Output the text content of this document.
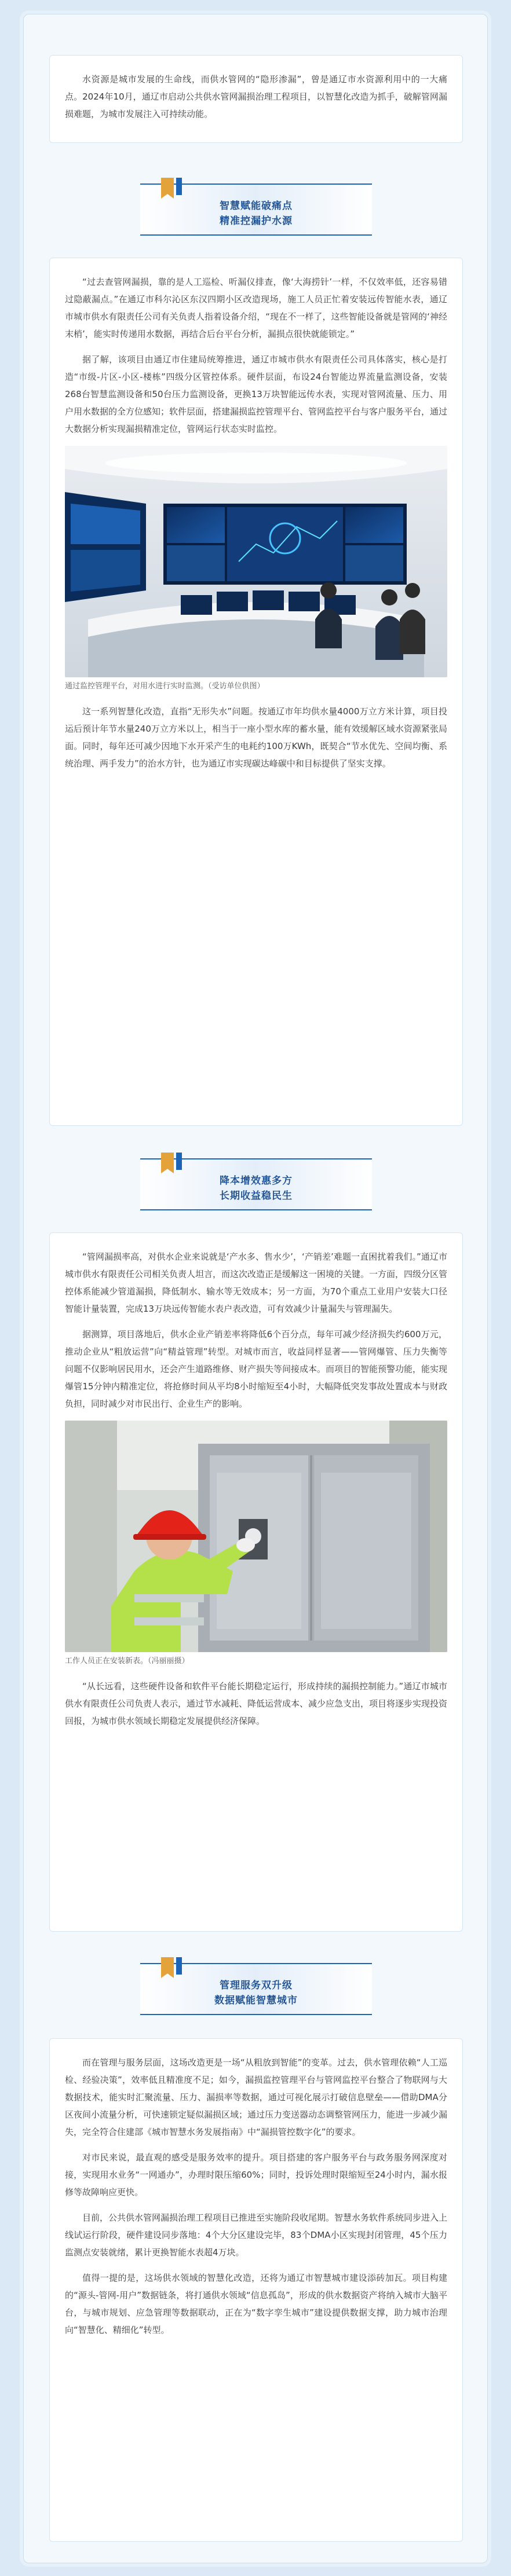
水资源是城市发展的生命线，而供水管网的“隐形渗漏”，曾是通辽市水资源利用中的一大痛点。2024年10月，通辽市启动公共供水管网漏损治理工程项目，以智慧化改造为抓手，破解管网漏损难题，为城市发展注入可持续动能。

智慧赋能破痛点
精准控漏护水源

“过去查管网漏损，靠的是人工巡检、听漏仪排查，像‘大海捞针’一样，不仅效率低，还容易错过隐蔽漏点。”在通辽市科尔沁区东汉四期小区改造现场，施工人员正忙着安装远传智能水表，通辽市城市供水有限责任公司有关负责人指着设备介绍，“现在不一样了，这些智能设备就是管网的‘神经末梢’，能实时传递用水数据，再结合后台平台分析，漏损点很快就能锁定。”

据了解，该项目由通辽市住建局统筹推进，通辽市城市供水有限责任公司具体落实，核心是打造“市级-片区-小区-楼栋”四级分区管控体系。硬件层面，布设24台智能边界流量监测设备，安装268台智慧监测设备和50台压力监测设备，更换13万块智能远传水表，实现对管网流量、压力、用户用水数据的全方位感知；软件层面，搭建漏损监控管理平台、管网监控平台与客户服务平台，通过大数据分析实现漏损精准定位，管网运行状态实时监控。

通过监控管理平台，对用水进行实时监测。（受访单位供图）

这一系列智慧化改造，直指“无形失水”问题。按通辽市年均供水量4000万立方米计算，项目投运后预计年节水量240万立方米以上，相当于一座小型水库的蓄水量，能有效缓解区域水资源紧张局面。同时，每年还可减少因地下水开采产生的电耗约100万KWh，既契合“节水优先、空间均衡、系统治理、两手发力”的治水方针，也为通辽市实现碳达峰碳中和目标提供了坚实支撑。

降本增效惠多方
长期收益稳民生

“管网漏损率高，对供水企业来说就是‘产水多、售水少’，‘产销差’难题一直困扰着我们。”通辽市城市供水有限责任公司相关负责人坦言，而这次改造正是缓解这一困境的关键。一方面，四级分区管控体系能减少管道漏损，降低制水、输水等无效成本；另一方面，为70个重点工业用户安装大口径智能计量装置，完成13万块远传智能水表户表改造，可有效减少计量漏失与管理漏失。

据测算，项目落地后，供水企业产销差率将降低6个百分点，每年可减少经济损失约600万元，推动企业从“粗放运营”向“精益管理”转型。对城市而言，收益同样显著——管网爆管、压力失衡等问题不仅影响居民用水，还会产生道路维修、财产损失等间接成本。而项目的智能预警功能，能实现爆管15分钟内精准定位，将抢修时间从平均8小时缩短至4小时，大幅降低突发事故处置成本与财政负担，同时减少对市民出行、企业生产的影响。

工作人员正在安装新表。（冯丽丽摄）

“从长远看，这些硬件设备和软件平台能长期稳定运行，形成持续的漏损控制能力。”通辽市城市供水有限责任公司负责人表示，通过节水减耗、降低运营成本、减少应急支出，项目将逐步实现投资回报，为城市供水领域长期稳定发展提供经济保障。

管理服务双升级
数据赋能智慧城市

而在管理与服务层面，这场改造更是一场“从粗放到智能”的变革。过去，供水管理依赖“人工巡检、经验决策”，效率低且精准度不足；如今，漏损监控管理平台与管网监控平台整合了物联网与大数据技术，能实时汇聚流量、压力、漏损率等数据，通过可视化展示打破信息壁垒——借助DMA分区夜间小流量分析，可快速锁定疑似漏损区域；通过压力变送器动态调整管网压力，能进一步减少漏失，完全符合住建部《城市智慧水务发展指南》中“漏损管控数字化”的要求。

对市民来说，最直观的感受是服务效率的提升。项目搭建的客户服务平台与政务服务网深度对接，实现用水业务“一网通办”，办理时限压缩60%；同时，投诉处理时限缩短至24小时内，漏水报修等故障响应更快。

目前，公共供水管网漏损治理工程项目已推进至实施阶段收尾期。智慧水务软件系统同步进入上线试运行阶段，硬件建设同步落地：4个大分区建设完毕，83个DMA小区实现封闭管理，45个压力监测点安装就绪，累计更换智能水表超4万块。

值得一提的是，这场供水领域的智慧化改造，还将为通辽市智慧城市建设添砖加瓦。项目构建的“源头-管网-用户”数据链条，将打通供水领域“信息孤岛”，形成的供水数据资产将纳入城市大脑平台，与城市规划、应急管理等数据联动，正在为“数字孪生城市”建设提供数据支撑，助力城市治理向“智慧化、精细化”转型。
